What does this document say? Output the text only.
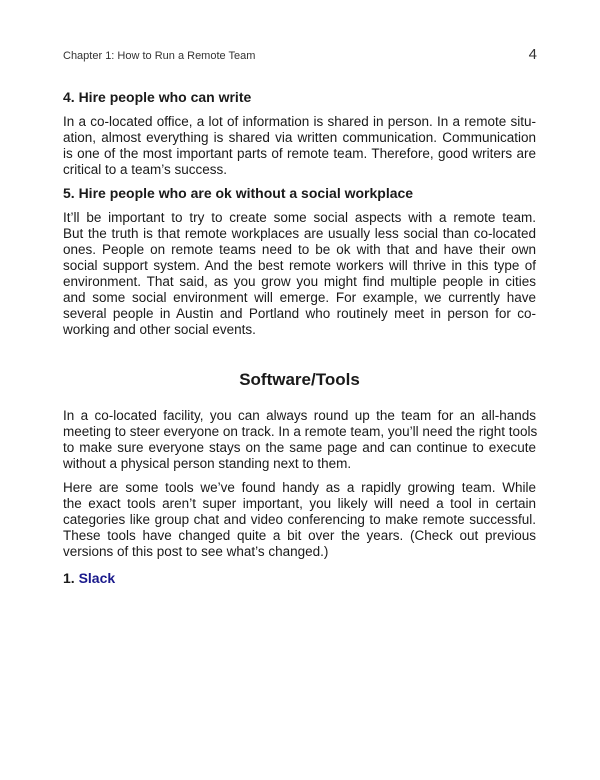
Chapter 1: How to Run a Remote Team	4
4. Hire people who can write
In a co-located office, a lot of information is shared in person. In a remote situ-
ation, almost everything is shared via written communication. Communication
is one of the most important parts of remote team. Therefore, good writers are
critical to a team’s success.
5. Hire people who are ok without a social workplace
It’ll be important to try to create some social aspects with a remote team.
But the truth is that remote workplaces are usually less social than co-located
ones. People on remote teams need to be ok with that and have their own
social support system. And the best remote workers will thrive in this type of
environment. That said, as you grow you might find multiple people in cities
and some social environment will emerge. For example, we currently have
several people in Austin and Portland who routinely meet in person for co-
working and other social events.
Software/Tools
In a co-located facility, you can always round up the team for an all-hands
meeting to steer everyone on track. In a remote team, you’ll need the right tools
to make sure everyone stays on the same page and can continue to execute
without a physical person standing next to them.
Here are some tools we’ve found handy as a rapidly growing team. While
the exact tools aren’t super important, you likely will need a tool in certain
categories like group chat and video conferencing to make remote successful.
These tools have changed quite a bit over the years. (Check out previous
versions of this post to see what’s changed.)
1. Slack
